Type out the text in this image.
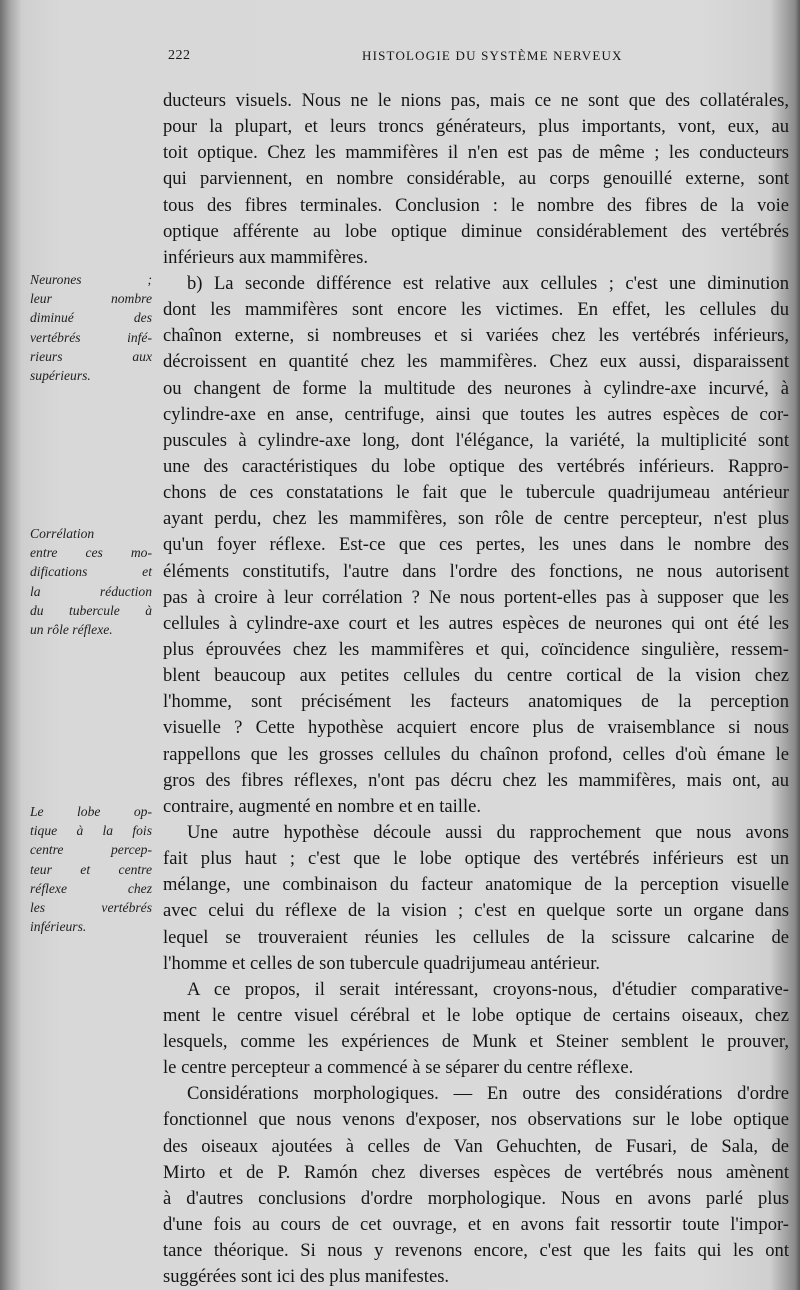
222	HISTOLOGIE DU SYSTÈME NERVEUX
ducteurs visuels. Nous ne le nions pas, mais ce ne sont que des collatérales,
pour la plupart, et leurs troncs générateurs, plus importants, vont, eux, au
toit optique. Chez les mammifères il n'en est pas de même ; les conducteurs
qui parviennent, en nombre considérable, au corps genouillé externe, sont
tous des fibres terminales. Conclusion : le nombre des fibres de la voie
optique afférente au lobe optique diminue considérablement des vertébrés
inférieurs aux mammifères.
b) La seconde différence est relative aux cellules ; c'est une diminution
dont les mammifères sont encore les victimes. En effet, les cellules du
chaînon externe, si nombreuses et si variées chez les vertébrés inférieurs,
décroissent en quantité chez les mammifères. Chez eux aussi, disparaissent
ou changent de forme la multitude des neurones à cylindre-axe incurvé, à
cylindre-axe en anse, centrifuge, ainsi que toutes les autres espèces de cor-
puscules à cylindre-axe long, dont l'élégance, la variété, la multiplicité sont
une des caractéristiques du lobe optique des vertébrés inférieurs. Rappro-
chons de ces constatations le fait que le tubercule quadrijumeau antérieur
ayant perdu, chez les mammifères, son rôle de centre percepteur, n'est plus
qu'un foyer réflexe. Est-ce que ces pertes, les unes dans le nombre des
éléments constitutifs, l'autre dans l'ordre des fonctions, ne nous autorisent
pas à croire à leur corrélation ? Ne nous portent-elles pas à supposer que les
cellules à cylindre-axe court et les autres espèces de neurones qui ont été les
plus éprouvées chez les mammifères et qui, coïncidence singulière, ressem-
blent beaucoup aux petites cellules du centre cortical de la vision chez
l'homme, sont précisément les facteurs anatomiques de la perception
visuelle ? Cette hypothèse acquiert encore plus de vraisemblance si nous
rappellons que les grosses cellules du chaînon profond, celles d'où émane le
gros des fibres réflexes, n'ont pas décru chez les mammifères, mais ont, au
contraire, augmenté en nombre et en taille.
Une autre hypothèse découle aussi du rapprochement que nous avons
fait plus haut ; c'est que le lobe optique des vertébrés inférieurs est un
mélange, une combinaison du facteur anatomique de la perception visuelle
avec celui du réflexe de la vision ; c'est en quelque sorte un organe dans
lequel se trouveraient réunies les cellules de la scissure calcarine de
l'homme et celles de son tubercule quadrijumeau antérieur.
A ce propos, il serait intéressant, croyons-nous, d'étudier comparative-
ment le centre visuel cérébral et le lobe optique de certains oiseaux, chez
lesquels, comme les expériences de Munk et Steiner semblent le prouver,
le centre percepteur a commencé à se séparer du centre réflexe.
Considérations morphologiques. — En outre des considérations d'ordre
fonctionnel que nous venons d'exposer, nos observations sur le lobe optique
des oiseaux ajoutées à celles de Van Gehuchten, de Fusari, de Sala, de
Mirto et de P. Ramón chez diverses espèces de vertébrés nous amènent
à d'autres conclusions d'ordre morphologique. Nous en avons parlé plus
d'une fois au cours de cet ouvrage, et en avons fait ressortir toute l'impor-
tance théorique. Si nous y revenons encore, c'est que les faits qui les ont
suggérées sont ici des plus manifestes.
Neurones ;
leur nombre
diminué des
vertébrés infé-
rieurs aux
supérieurs.
Corrélation
entre ces mo-
difications et
la réduction
du tubercule à
un rôle réflexe.
Le lobe op-
tique à la fois
centre percep-
teur et centre
réflexe chez
les vertébrés
inférieurs.
